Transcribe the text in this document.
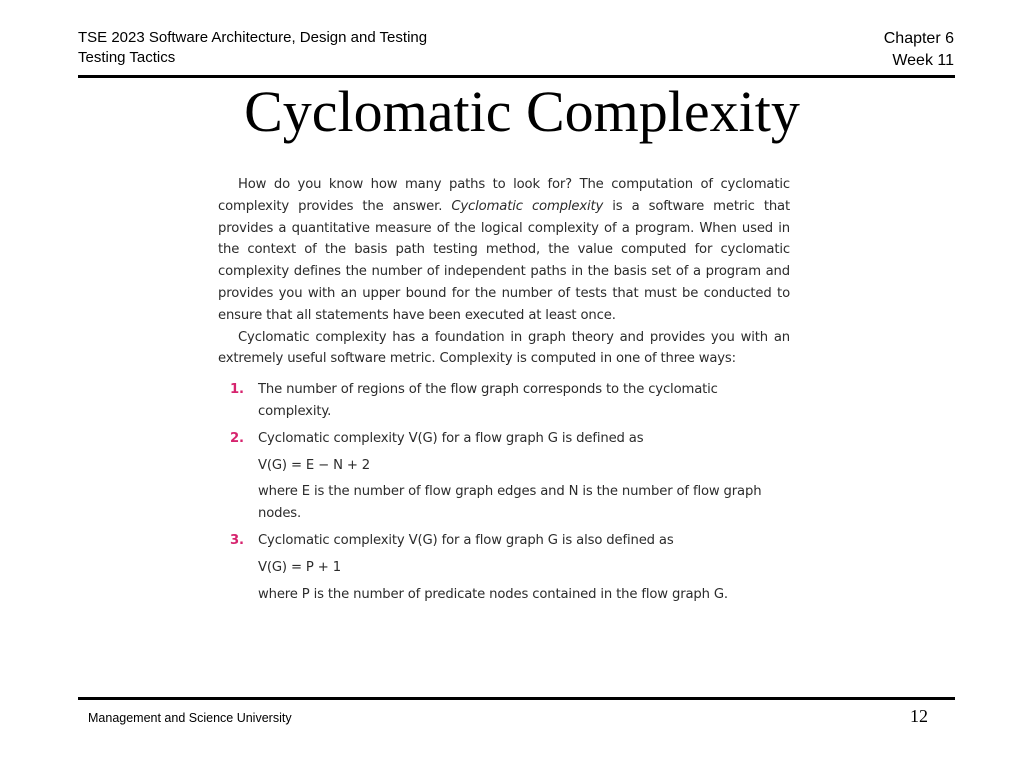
TSE 2023 Software Architecture, Design and Testing
Testing Tactics
Chapter 6
Week 11
Cyclomatic Complexity

How do you know how many paths to look for? The computation of cyclomatic complexity provides the answer. Cyclomatic complexity is a software metric that provides a quantitative measure of the logical complexity of a program. When used in the context of the basis path testing method, the value computed for cyclomatic complexity defines the number of independent paths in the basis set of a program and provides you with an upper bound for the number of tests that must be conducted to ensure that all statements have been executed at least once.

Cyclomatic complexity has a foundation in graph theory and provides you with an extremely useful software metric. Complexity is computed in one of three ways:

1. The number of regions of the flow graph corresponds to the cyclomatic complexity.
2. Cyclomatic complexity V(G) for a flow graph G is defined as
V(G) = E − N + 2
where E is the number of flow graph edges and N is the number of flow graph nodes.
3. Cyclomatic complexity V(G) for a flow graph G is also defined as
V(G) = P + 1
where P is the number of predicate nodes contained in the flow graph G.
Management and Science University	12
